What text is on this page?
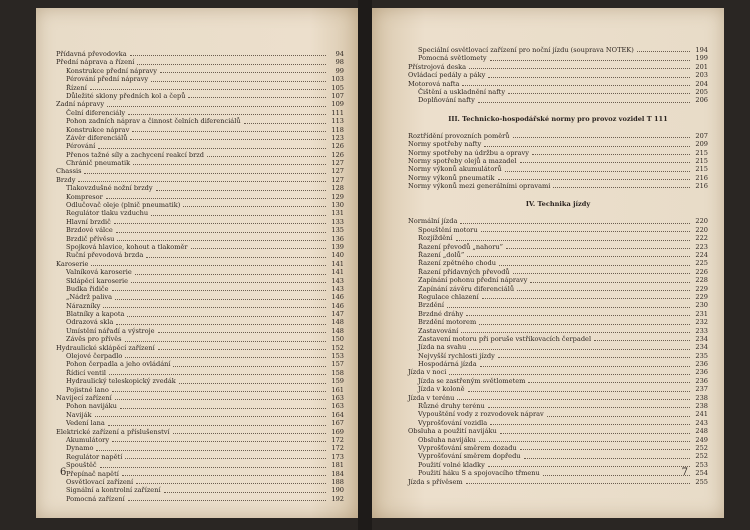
Přídavná převodovka	94
Přední náprava a řízení	98
Konstrukce přední nápravy	99
Pérování přední nápravy	103
Řízení	105
Důležité sklony předních kol a čepů	107
Zadní nápravy	109
Čelní diferenciály	111
Pohon zadních náprav a činnost čelních diferenciálů	113
Konstrukce náprav	118
Závěr diferenciálů	123
Pérování	126
Přenos tažné síly a zachycení reakcí brzd	126
Chránič pneumatik	127
Chassis	127
Brzdy	127
Tlakovzdušné nožní brzdy	128
Kompresor	129
Odlučovač oleje (plnič pneumatik)	130
Regulátor tlaku vzduchu	131
Hlavní brzdič	133
Brzdové válce	135
Brzdič přívěsu	136
Spojková hlavice, kohout a tlakoměr	139
Ruční převodová brzda	140
Karoserie	141
Valníková karoserie	141
Sklápěcí karoserie	143
Budka řidiče	143
„Nádrž paliva	146
Nárazníky	146
Blatníky a kapota	147
Odrazová skla	148
Umístění nářadí a výstroje	148
Závěs pro přívěs	150
Hydraulické sklápěcí zařízení	152
Olejové čerpadlo	153
Pohon čerpadla a jeho ovládání	157
Řídicí ventil	158
Hydraulický teleskopický zvedák	159
Pojistné lano	161
Navijecí zařízení	163
Pohon navijáku	163
Naviják	164
Vedení lana	167
Elektrické zařízení a příslušenství	169
Akumulátory	172
Dynamo	172
Regulátor napětí	173
Spouštěč	181
Přepínač napětí	184
Osvětlovací zařízení	188
Signální a kontrolní zařízení	190
Pomocná zařízení	192
6
Speciální osvětlovací zařízení pro noční jízdu (souprava NOTEK)	194
Pomocná světlomety	199
Přístrojová deska	201
Ovládací pedály a páky	203
Motorová nafta	204
Čištění a uskladnění nafty	205
Doplňování nafty	206
III. Technicko-hospodářské normy pro provoz vozidel T 111
Roztřídění provozních poměrů	207
Normy spotřeby nafty	209
Normy spotřeby na údržbu a opravy	215
Normy spotřeby olejů a mazadel	215
Normy výkonů akumulátorů	215
Normy výkonů pneumatik	216
Normy výkonů mezi generálními opravami	216
IV. Technika jízdy
Normální jízda	220
Spouštění motoru	220
Rozjíždění	222
Řazení převodů „nahoru”	223
Řazení „dolů”	224
Řazení zpětného chodu	225
Řazení přídavných převodů	226
Zapínání pohonu přední nápravy	228
Zapínání závěru diferenciálů	229
Regulace chlazení	229
Brzdění	230
Brzdné dráhy	231
Brzdění motorem	232
Zastavování	233
Zastavení motoru při poruše vstřikovacích čerpadel	234
Jízda na svahu	234
Nejvyšší rychlosti jízdy	235
Hospodárná jízda	236
Jízda v noci	236
Jízda se zastřeným světlometem	236
Jízda v koloně	237
Jízda v terénu	238
Různé druhy terénu	238
Vypouštění vody z rozvodovek náprav	241
Vyprošťování vozidla	243
Obsluha a použití navijáku	248
Obsluha navijáku	249
Vyprošťování směrem dozadu	252
Vyprošťování směrem dopředu	252
Použití volné kladky	253
Použití háku S a spojovacího třmenu	254
Jízda s přívěsem	255
7
